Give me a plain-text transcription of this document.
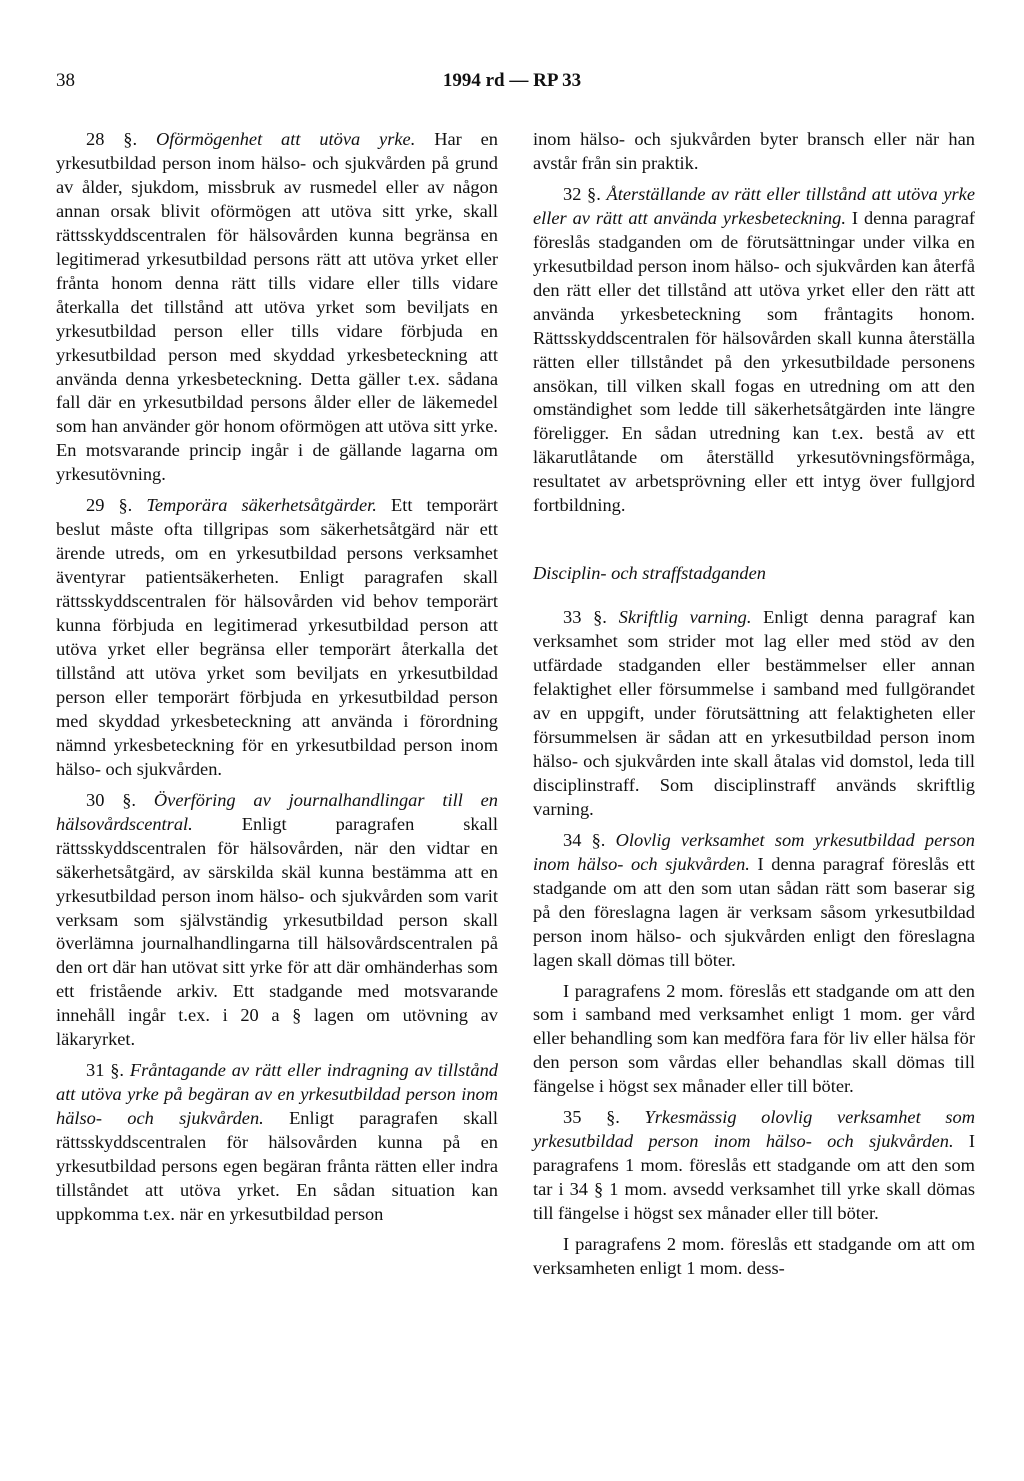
38	1994 rd — RP 33

28 §. Oförmögenhet att utöva yrke. Har en yrkesutbildad person inom hälso- och sjukvården på grund av ålder, sjukdom, missbruk av rusmedel eller av någon annan orsak blivit oförmögen att utöva sitt yrke, skall rättsskyddscentralen för hälsovården kunna begränsa en legitimerad yrkesutbildad persons rätt att utöva yrket eller frånta honom denna rätt tills vidare eller tills vidare återkalla det tillstånd att utöva yrket som beviljats en yrkesutbildad person eller tills vidare förbjuda en yrkesutbildad person med skyddad yrkesbeteckning att använda denna yrkesbeteckning. Detta gäller t.ex. sådana fall där en yrkesutbildad persons ålder eller de läkemedel som han använder gör honom oförmögen att utöva sitt yrke. En motsvarande princip ingår i de gällande lagarna om yrkesutövning.

29 §. Temporära säkerhetsåtgärder. Ett temporärt beslut måste ofta tillgripas som säkerhetsåtgärd när ett ärende utreds, om en yrkesutbildad persons verksamhet äventyrar patientsäkerheten. Enligt paragrafen skall rättsskyddscentralen för hälsovården vid behov temporärt kunna förbjuda en legitimerad yrkesutbildad person att utöva yrket eller begränsa eller temporärt återkalla det tillstånd att utöva yrket som beviljats en yrkesutbildad person eller temporärt förbjuda en yrkesutbildad person med skyddad yrkesbeteckning att använda i förordning nämnd yrkesbeteckning för en yrkesutbildad person inom hälso- och sjukvården.

30 §. Överföring av journalhandlingar till en hälsovårdscentral.	Enligt paragrafen skall rättsskyddscentralen för hälsovården, när den vidtar en säkerhetsåtgärd, av särskilda skäl kunna bestämma att en yrkesutbildad person inom hälso- och sjukvården som varit verksam som självständig yrkesutbildad person skall överlämna journalhandlingarna till hälsovårdscentralen på den ort där han utövat sitt yrke för att där omhänderhas som ett fristående arkiv. Ett stadgande med motsvarande innehåll ingår t.ex. i 20 a § lagen om utövning av läkaryrket.

31 §. Fråntagande av rätt eller indragning av tillstånd att utöva yrke på begäran av en yrkesutbildad person inom hälso- och sjukvården. Enligt paragrafen skall rättsskyddscentralen för hälsovården kunna på en yrkesutbildad persons egen begäran frånta rätten eller indra tillståndet att utöva yrket. En sådan situation kan uppkomma t.ex. när en yrkesutbildad person

inom hälso- och sjukvården byter bransch eller när han avstår från sin praktik.

32 §. Återställande av rätt eller tillstånd att utöva yrke eller av rätt att använda yrkesbeteckning. I denna paragraf föreslås stadganden om de förutsättningar under vilka en yrkesutbildad person inom hälso- och sjukvården kan återfå den rätt eller det tillstånd att utöva yrket eller den rätt att använda yrkesbeteckning som fråntagits honom. Rättsskyddscentralen för hälsovården skall kunna återställa rätten eller tillståndet på den yrkesutbildade personens ansökan, till vilken skall fogas en utredning om att den omständighet som ledde till säkerhetsåtgärden inte längre föreligger. En sådan utredning kan t.ex. bestå av ett läkarutlåtande om återställd yrkesutövningsförmåga, resultatet av arbetsprövning eller ett intyg över fullgjord fortbildning.

Disciplin- och straffstadganden

33 §. Skriftlig varning. Enligt denna paragraf kan verksamhet som strider mot lag eller med stöd av den utfärdade stadganden eller bestämmelser eller annan felaktighet eller försummelse i samband med fullgörandet av en uppgift, under förutsättning att felaktigheten eller försummelsen är sådan att en yrkesutbildad person inom hälso- och sjukvården inte skall åtalas vid domstol, leda till disciplinstraff. Som disciplinstraff används skriftlig varning.

34 §. Olovlig verksamhet som yrkesutbildad person inom hälso- och sjukvården. I denna paragraf föreslås ett stadgande om att den som utan sådan rätt som baserar sig på den föreslagna lagen är verksam såsom yrkesutbildad person inom hälso- och sjukvården enligt den föreslagna lagen skall dömas till böter.

I paragrafens 2 mom. föreslås ett stadgande om att den som i samband med verksamhet enligt 1 mom. ger vård eller behandling som kan medföra fara för liv eller hälsa för den person som vårdas eller behandlas skall dömas till fängelse i högst sex månader eller till böter.

35 §. Yrkesmässig olovlig verksamhet som yrkesutbildad person inom hälso- och sjukvården. I paragrafens 1 mom. föreslås ett stadgande om att den som tar i 34 § 1 mom. avsedd verksamhet till yrke skall dömas till fängelse i högst sex månader eller till böter.

I paragrafens 2 mom. föreslås ett stadgande om att om verksamheten enligt 1 mom. dess-
